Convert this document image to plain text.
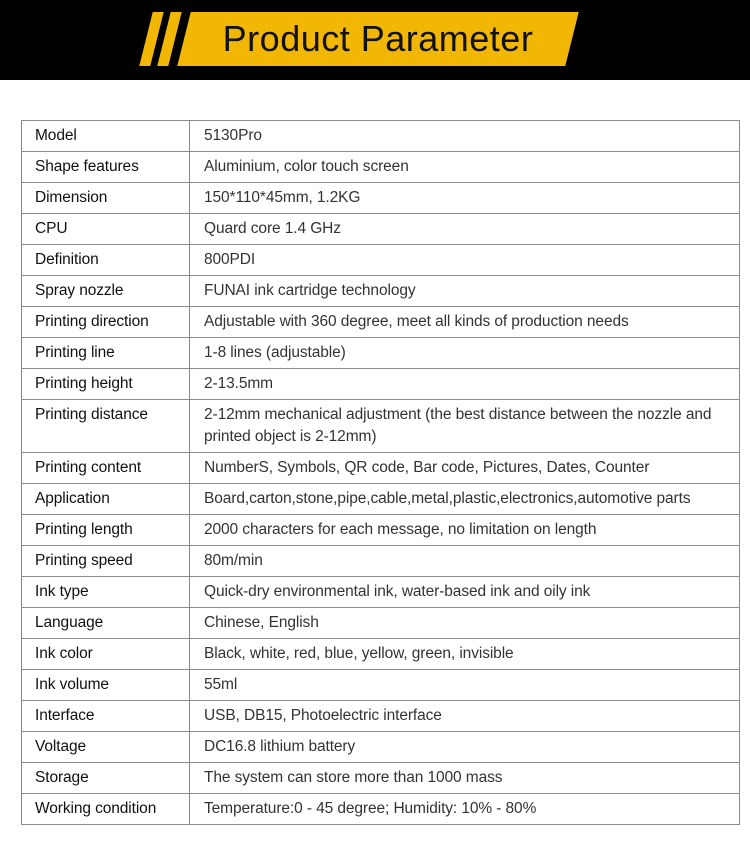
Product Parameter
Model	5130Pro
Shape features	Aluminium, color touch screen
Dimension	150*110*45mm, 1.2KG
CPU	Quard core 1.4 GHz
Definition	800PDI
Spray nozzle	FUNAI ink cartridge technology
Printing direction	Adjustable with 360 degree, meet all kinds of production needs
Printing line	1-8 lines (adjustable)
Printing height	2-13.5mm
Printing distance	2-12mm mechanical adjustment (the best distance between the nozzle and printed object is 2-12mm)
Printing content	NumberS, Symbols, QR code, Bar code, Pictures, Dates, Counter
Application	Board,carton,stone,pipe,cable,metal,plastic,electronics,automotive parts
Printing length	2000 characters for each message, no limitation on length
Printing speed	80m/min
Ink type	Quick-dry environmental ink, water-based ink and oily ink
Language	Chinese, English
Ink color	Black, white, red, blue, yellow, green, invisible
Ink volume	55ml
Interface	USB, DB15, Photoelectric interface
Voltage	DC16.8 lithium battery
Storage	The system can store more than 1000 mass
Working condition	Temperature:0 - 45 degree; Humidity: 10% - 80%
